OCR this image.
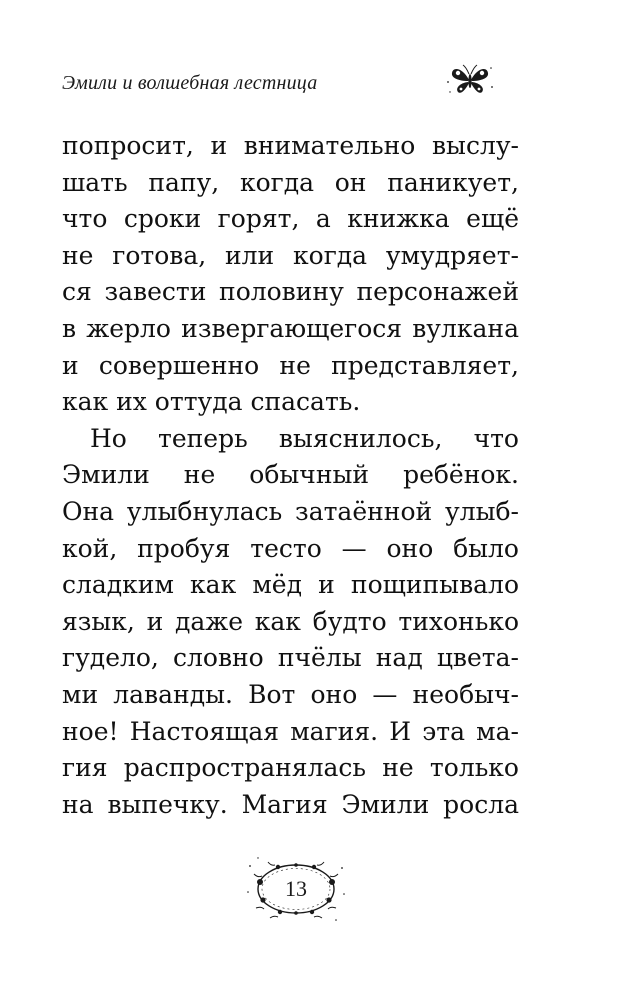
Эмили и волшебная лестница
попросит, и внимательно выслу-
шать папу, когда он паникует,
что сроки горят, а книжка ещё
не готова, или когда умудряет-
ся завести половину персонажей
в жерло извергающегося вулкана
и совершенно не представляет,
как их оттуда спасать.
Но теперь выяснилось, что
Эмили не обычный ребёнок.
Она улыбнулась затаённой улыб-
кой, пробуя тесто — оно было
сладким как мёд и пощипывало
язык, и даже как будто тихонько
гудело, словно пчёлы над цвета-
ми лаванды. Вот оно — необыч-
ное! Настоящая магия. И эта ма-
гия распространялась не только
на выпечку. Магия Эмили росла
13
